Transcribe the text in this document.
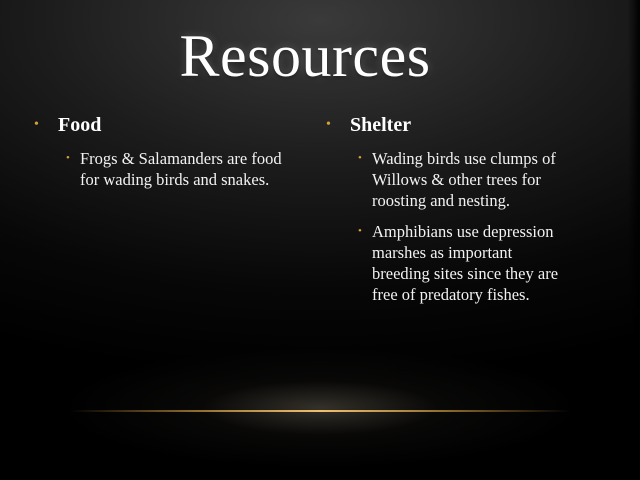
Resources
• Food
• Frogs & Salamanders are food for wading birds and snakes.
• Shelter
• Wading birds use clumps of Willows & other trees for roosting and nesting.
• Amphibians use depression marshes as important breeding sites since they are free of predatory fishes.
